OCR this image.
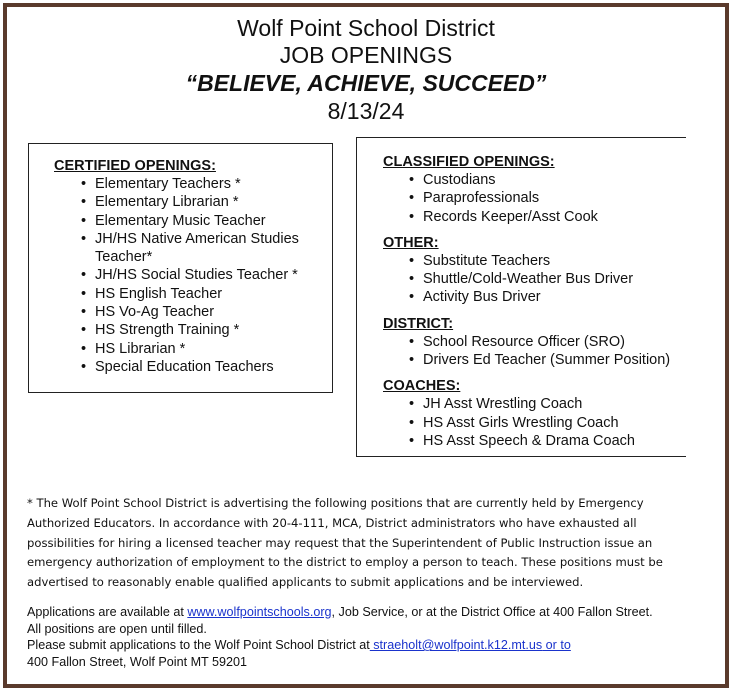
Wolf Point School District
JOB OPENINGS
“BELIEVE, ACHIEVE, SUCCEED”
8/13/24
CERTIFIED OPENINGS:
• Elementary Teachers *
• Elementary Librarian *
• Elementary Music Teacher
• JH/HS Native American Studies
Teacher*
• JH/HS Social Studies Teacher *
• HS English Teacher
• HS Vo-Ag Teacher
• HS Strength Training *
• HS Librarian *
• Special Education Teachers
CLASSIFIED OPENINGS:
• Custodians
• Paraprofessionals
• Records Keeper/Asst Cook
OTHER:
• Substitute Teachers
• Shuttle/Cold-Weather Bus Driver
• Activity Bus Driver
DISTRICT:
• School Resource Officer (SRO)
• Drivers Ed Teacher (Summer Position)
COACHES:
• JH Asst Wrestling Coach
• HS Asst Girls Wrestling Coach
• HS Asst Speech & Drama Coach
* The Wolf Point School District is advertising the following positions that are currently held by Emergency
Authorized Educators. In accordance with 20-4-111, MCA, District administrators who have exhausted all
possibilities for hiring a licensed teacher may request that the Superintendent of Public Instruction issue an
emergency authorization of employment to the district to employ a person to teach. These positions must be
advertised to reasonably enable qualified applicants to submit applications and be interviewed.
Applications are available at www.wolfpointschools.org, Job Service, or at the District Office at 400 Fallon Street.
All positions are open until filled.
Please submit applications to the Wolf Point School District at straeholt@wolfpoint.k12.mt.us or to
400 Fallon Street, Wolf Point MT 59201
